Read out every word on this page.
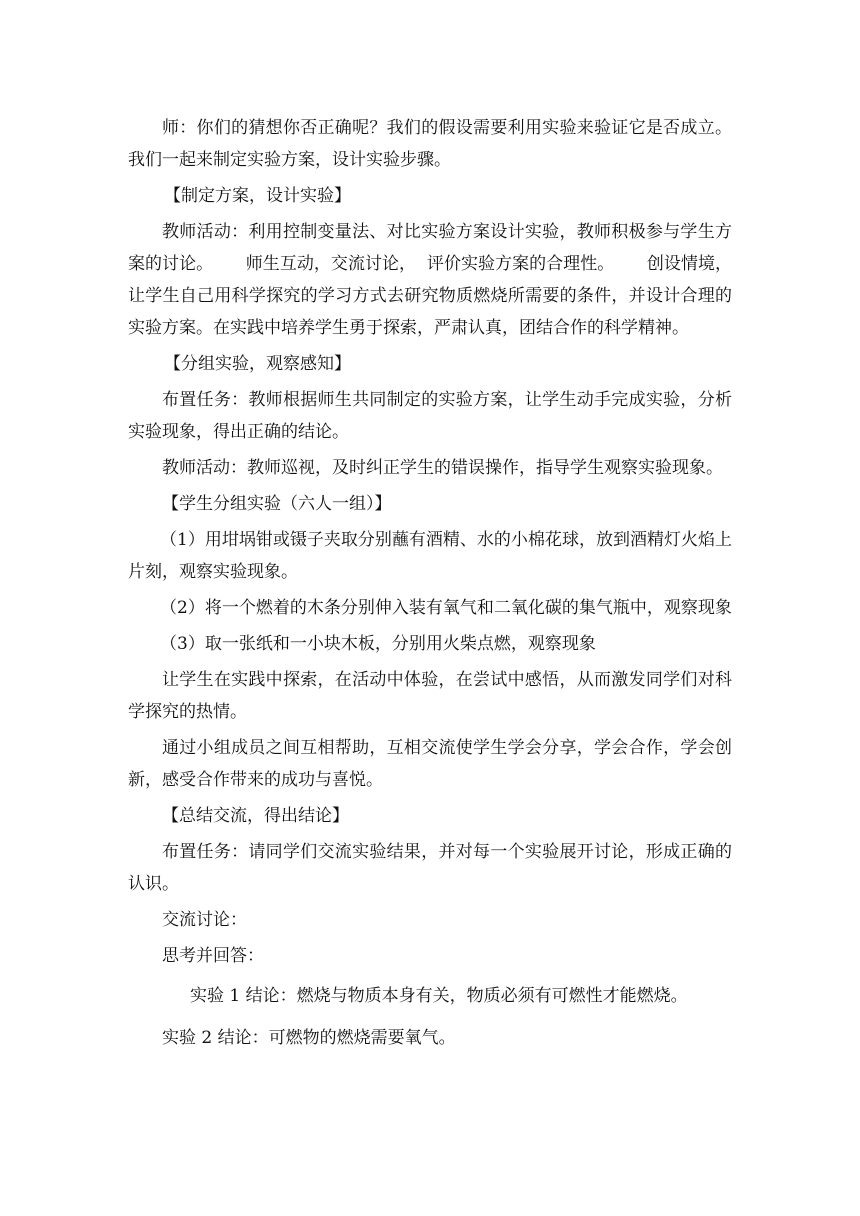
师：你们的猜想你否正确呢？我们的假设需要利用实验来验证它是否成立。我们一起来制定实验方案，设计实验步骤。

【制定方案，设计实验】

教师活动：利用控制变量法、对比实验方案设计实验，教师积极参与学生方案的讨论。      师生互动，交流讨论，  评价实验方案的合理性。      创设情境，让学生自己用科学探究的学习方式去研究物质燃烧所需要的条件，并设计合理的实验方案。在实践中培养学生勇于探索，严肃认真，团结合作的科学精神。

【分组实验，观察感知】

布置任务：教师根据师生共同制定的实验方案，让学生动手完成实验，分析实验现象，得出正确的结论。

教师活动：教师巡视，及时纠正学生的错误操作，指导学生观察实验现象。

【学生分组实验（六人一组）】

（1）用坩埚钳或镊子夹取分别蘸有酒精、水的小棉花球，放到酒精灯火焰上片刻，观察实验现象。

（2）将一个燃着的木条分别伸入装有氧气和二氧化碳的集气瓶中，观察现象

（3）取一张纸和一小块木板，分别用火柴点燃，观察现象

让学生在实践中探索，在活动中体验，在尝试中感悟，从而激发同学们对科学探究的热情。

通过小组成员之间互相帮助，互相交流使学生学会分享，学会合作，学会创新，感受合作带来的成功与喜悦。

【总结交流，得出结论】

布置任务：请同学们交流实验结果，并对每一个实验展开讨论，形成正确的认识。

交流讨论：

思考并回答：

实验 1 结论：燃烧与物质本身有关，物质必须有可燃性才能燃烧。

实验 2 结论：可燃物的燃烧需要氧气。
